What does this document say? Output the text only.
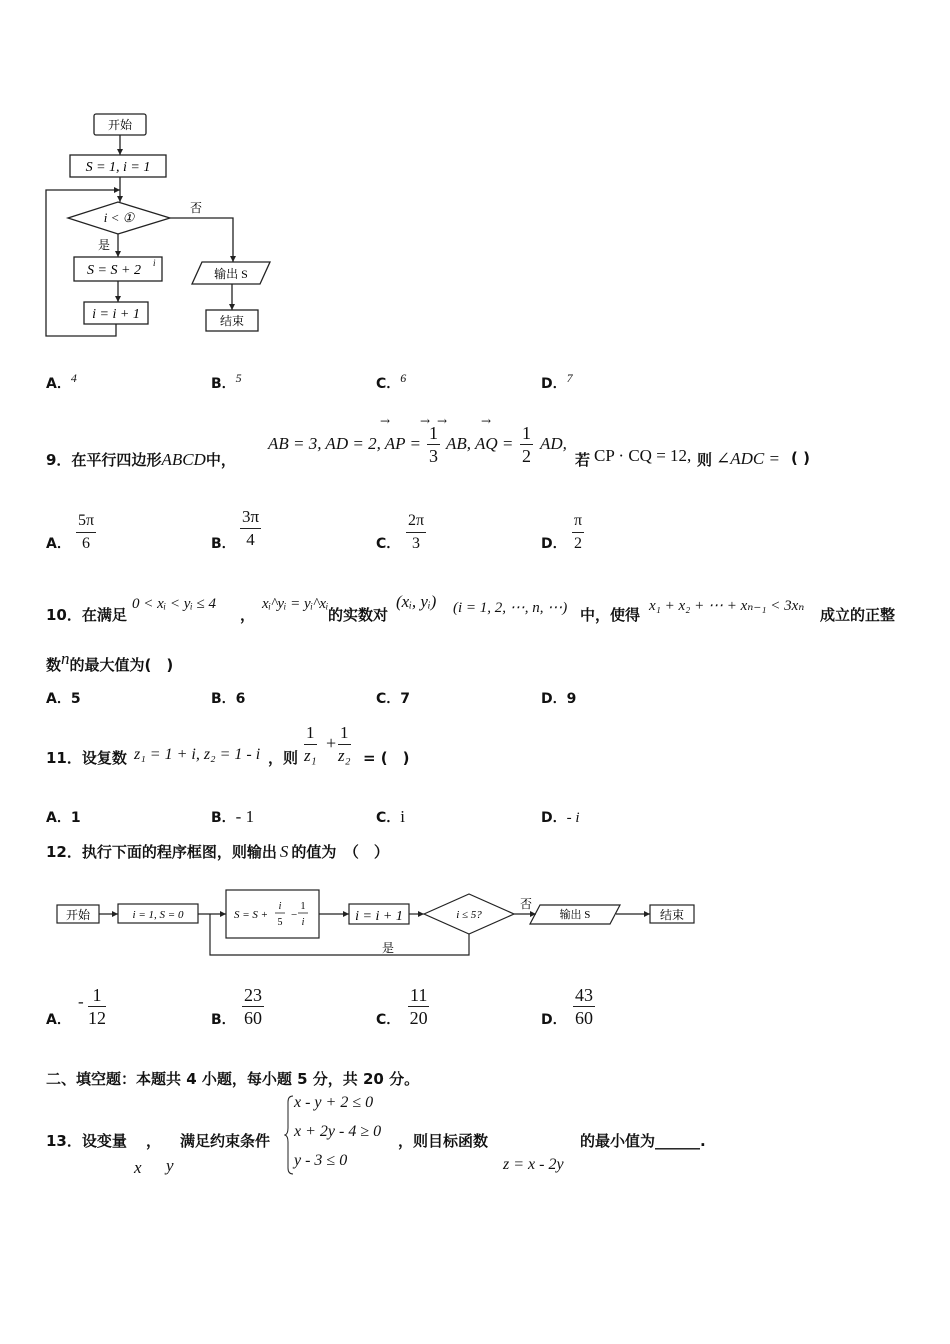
开始
S = 1, i = 1
i < ①
否
是
S = S + 2 i
i = i + 1
输出 S
结束
A．4	B．5	C．6	D．7
9．在平行四边形ABCD中，
AB = 3, AD = 2, AP = $\frac{1}{3}$ AB, AQ = $\frac{1}{2}$ AD,
若 CP · CQ = 12, 则 ∠ADC = ( )
→ → →	→
A． $\frac{5\pi}{6}$	B． $\frac{3\pi}{4}$	C． $\frac{2\pi}{3}$	D． $\frac{\pi}{2}$
10．在满足
0 < xᵢ < yᵢ ≤ 4
，
xᵢ^yᵢ = yᵢ^xᵢ
的实数对
(xᵢ, yᵢ) (i = 1, 2, ⋯, n, ⋯) 中，使得 x₁ + x₂ + ⋯ + xₙ₋₁ < 3xₙ 成立的正整
数n的最大值为(　)
A．5	B．6	C．7	D．9
11．设复数 z₁ = 1 + i, z₂ = 1 - i ，则 $\frac{1}{\text{z₁}} + \frac{1}{\text{z₂}}$ = (　)
A．1	B．- 1	C．i	D．- i
12．执行下面的程序框图，则输出 S 的值为　（　）
开始	i = 1, S = 0	S = S +
i
5
−
1
i	i = i + 1	i ≤ 5?
否
输出 S	结束
是
A．
- $\frac{1}{12}$	B． $\frac{23}{60}$	C． $\frac{11}{20}$	D． $\frac{43}{60}$
二、填空题：本题共 4 小题，每小题 5 分，共 20 分。
13．设变量 ， 满足约束条件
x y
x - y + 2 ≤ 0
x + 2y - 4 ≥ 0
y - 3 ≤ 0
，则目标函数
z = x - 2y
的最小值为______.
